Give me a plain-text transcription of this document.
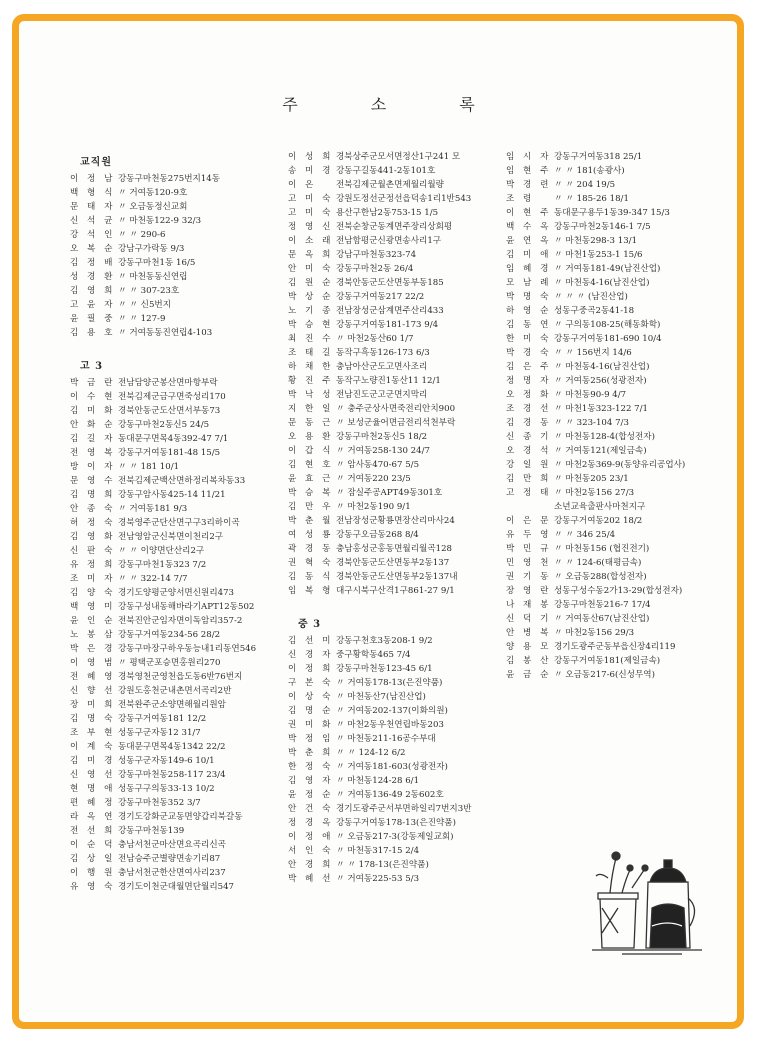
주 소 록
교직원
이 정 남 강동구마천동275번지14동
백 형 식 〃 거여동120-9호
문 태 자 〃 오금동정신교회
신 석 균 〃 마천동122-9 32/3
강 석 인 〃 〃 290-6
오 복 순 강남구가락동 9/3
김 정 배 강동구마천1동 16/5
성 경 환 〃 마천동동신연립
김 영 희 〃 〃 307-23호
고 윤 자 〃 〃 신5번지
윤 필 중 〃 〃 127-9
김 용 호 〃 거여동동진연립4-103
고 3
박 금 란 전남담양군봉산면마항부락
이 수 현 전북김제군금구면죽성리170
김 미 화 경북안동군도산면서부동73
안 화 순 강동구마천2동신5 24/5
김 길 자 동대문구면목4동392-47 7/1
전 영 복 강동구거여동181-48 15/5
방 이 자 〃 〃 181 10/1
문 영 수 전북김제군백산면하정리복차동33
김 명 희 강동구암사동425-14 11/21
안 종 숙 〃 거여동181 9/3
허 정 숙 경북영주군단산면구구3리하이곡
김 영 화 전남영암군신북면이천리2구
신 판 숙 〃 〃 이양면단산리2구
유 정 희 강동구마천1동323 7/2
조 미 자 〃 〃 322-14 7/7
김 양 숙 경기도양평군양서면신원리473
백 영 미 강동구성내동해바라기APT12동502
윤 인 순 전북진안군임자면이독암리357-2
노 봉 삼 강동구거여동234-56 28/2
박 은 경 강동구마장구하우동능내1리동연546
이 영 범 〃 평택군포승면홍원리270
전 혜 영 경북영천군영천읍도동6반76번지
신 향 선 강원도홍천군내촌면서곡리2반
장 미 희 전북완주군소양면해월리원암
김 명 숙 강동구거여동181 12/2
조 부 현 성동구군자동12 31/7
이 계 숙 동대문구면목4동1342 22/2
김 미 경 성동구군자동149-6 10/1
신 영 선 강동구마천동258-117 23/4
현 명 애 성동구구의동33-13 10/2
편 혜 정 강동구마천동352 3/7
라 옥 연 경기도강화군교동면양갑리북갈동
전 선 희 강동구마천동139
이 순 덕 충남서천군마산면요곡리신곡
김 상 일 전남승주군별량면송기리87
이 행 원 충남서천군한산면여사리237
유 영 숙 경기도이천군대월면단월리547
이 성 희 경북상주군모서면정산1구241 모
송 미 경 강동구길동441-2동101호
이 온 전북김제군월촌면제월리월량
고 미 숙 강원도정선군정선읍덕송1리1반543
고 미 숙 용산구한남2동753-15 1/5
정 영 신 전북순창군동계면주장리상회평
이 소 래 전남함평군신광면송사리1구
문 옥 희 강남구마천동323-74
안 미 숙 강동구마천2동 26/4
김 원 순 경북안동군도산면동부동185
박 상 순 강동구거여동217 22/2
노 기 종 전남장성군삼계면주산리433
박 승 현 강동구거여동181-173 9/4
최 진 수 〃 마천2동산60 1/7
조 태 길 동작구흑동126-173 6/3
하 채 한 충남아산군도고면사조리
황 진 주 동작구노량진1동산11 12/1
박 낙 성 전남진도군고군면지막리
지 한 일 〃 충주군상사면죽전리안치900
문 동 근 〃 보성군율어면금전리석천부락
오 용 환 강동구마천2동신5 18/2
이 갑 식 〃 거여동258-130 24/7
김 현 호 〃 암사동470-67 5/5
윤 효 근 〃 거여동220 23/5
박 승 복 〃 잠실주공APT49동301호
김 만 우 〃 마천2동190 9/1
박 춘 월 전남장성군황룡면장산리마사24
여 성 룡 강동구오금동268 8/4
곽 경 동 충남홍성군홍동면월리월곡128
권 혁 숙 경북안동군도산면동부2동137
김 동 식 경북안동군도산면동부2동137내
임 복 형 대구시북구산격1구861-27 9/1
중 3
김 선 미 강동구천호3동208-1 9/2
신 경 자 중구황학동465 7/4
이 정 희 강동구마천동123-45 6/1
구 본 숙 〃 거여동178-13(은진약품)
이 상 숙 〃 마천동산7(남진산업)
김 명 순 〃 거여동202-137(이화의원)
권 미 화 〃 마천2동우천연립바동203
박 정 임 〃 마천동211-16공수부대
박 춘 희 〃 〃 124-12 6/2
한 정 숙 〃 거여동181-603(성광전자)
김 영 자 〃 마천동124-28 6/1
윤 정 순 〃 거여동136-49 2동602호
안 건 숙 경기도광주군서부면하일리7번지3반
정 경 옥 강동구거여동178-13(은진약품)
이 정 애 〃 오금동217-3(강동제일교회)
서 인 숙 〃 마천동317-15 2/4
안 경 희 〃 〃 178-13(은진약품)
박 혜 선 〃 거여동225-53 5/3
임 시 자 강동구거여동318 25/1
임 현 주 〃 〃 181(송광사)
박 경 련 〃 〃 204 19/5
조 령 〃 〃 185-26 18/1
이 현 주 동대문구용두1동39-347 15/3
백 수 옥 강동구마천2동146-1 7/5
윤 연 옥 〃 마천동298-3 13/1
김 미 애 〃 마천1동253-1 15/6
임 혜 경 〃 거여동181-49(남진산업)
모 남 례 〃 마천동4-16(남진산업)
박 명 숙 〃 〃 〃 (남진산업)
하 영 순 성동구중곡2동41-18
김 동 연 〃 구의동108-25(해동화학)
한 미 숙 강동구거여동181-690 10/4
박 경 숙 〃 〃 156번지 14/6
김 은 주 〃 마천동4-16(남진산업)
정 명 자 〃 거여동256(성광전자)
오 정 화 〃 마천동90-9 4/7
조 경 선 〃 마천1동323-122 7/1
김 경 동 〃 〃 323-104 7/3
신 종 기 〃 마천동128-4(합성전자)
오 경 석 〃 거여동121(제일금속)
강 일 원 〃 마천2동369-9(동양유리공업사)
김 만 희 〃 마천동205 23/1
고 정 태 〃 마천2동156 27/3
소년교육출판사마천지구
이 은 문 강동구거여동202 18/2
유 두 영 〃 〃 346 25/4
박 민 규 〃 마천동156 (협진전기)
민 영 천 〃 〃 124-6(태평금속)
권 기 동 〃 오금동288(합성전자)
장 영 란 성동구성수동2가13-29(합성전자)
나 재 봉 강동구마천동216-7 17/4
신 덕 기 〃 거여동산67(남진산업)
안 병 복 〃 마천2동156 29/3
양 용 모 경기도광주군동부읍신장4리119
김 봉 산 강동구거여동181(제일금속)
윤 금 순 〃 오금동217-6(신성무역)
